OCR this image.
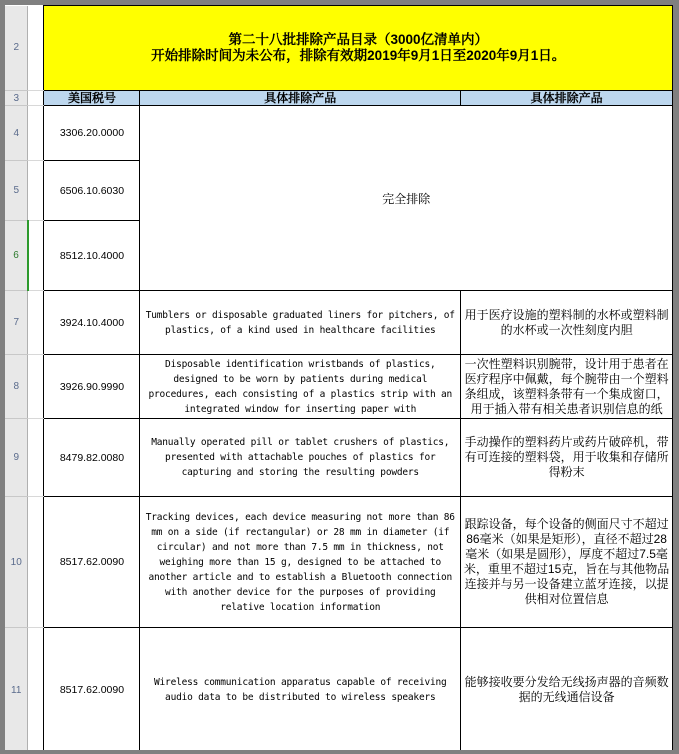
2		第二十八批排除产品目录（3000亿清单内）
开始排除时间为未公布，排除有效期2019年9月1日至2020年9月1日。		

3		美国税号	具体排除产品	具体排除产品
4		3306.20.0000	完全排除	
5		6506.10.6030		
6		8512.10.4000		
7		3924.10.4000	Tumblers or disposable graduated liners for pitchers, of plastics, of a kind used in healthcare facilities	用于医疗设施的塑料制的水杯或塑料制的水杯或一次性刻度内胆
8		3926.90.9990	Disposable identification wristbands of plastics, designed to be worn by patients during medical procedures, each consisting of a plastics strip with an integrated window for inserting paper with	一次性塑料识别腕带，设计用于患者在医疗程序中佩戴，每个腕带由一个塑料条组成，该塑料条带有一个集成窗口，用于插入带有相关患者识别信息的纸
9		8479.82.0080	Manually operated pill or tablet crushers of plastics, presented with attachable pouches of plastics for capturing and storing the resulting powders	手动操作的塑料药片或药片破碎机，带有可连接的塑料袋，用于收集和存储所得粉末
10		8517.62.0090	Tracking devices, each device measuring not more than 86 mm on a side (if rectangular) or 28 mm in diameter (if circular) and not more than 7.5 mm in thickness, not weighing more than 15 g, designed to be attached to another article and to establish a Bluetooth connection with another device for the purposes of providing relative location information	跟踪设备，每个设备的侧面尺寸不超过86毫米（如果是矩形），直径不超过28毫米（如果是圆形），厚度不超过7.5毫米，重里不超过15克，旨在与其他物品连接并与另一设备建立蓝牙连接，以提供相对位置信息
11		8517.62.0090	Wireless communication apparatus capable of receiving audio data to be distributed to wireless speakers	能够接收要分发给无线扬声器的音频数据的无线通信设备
